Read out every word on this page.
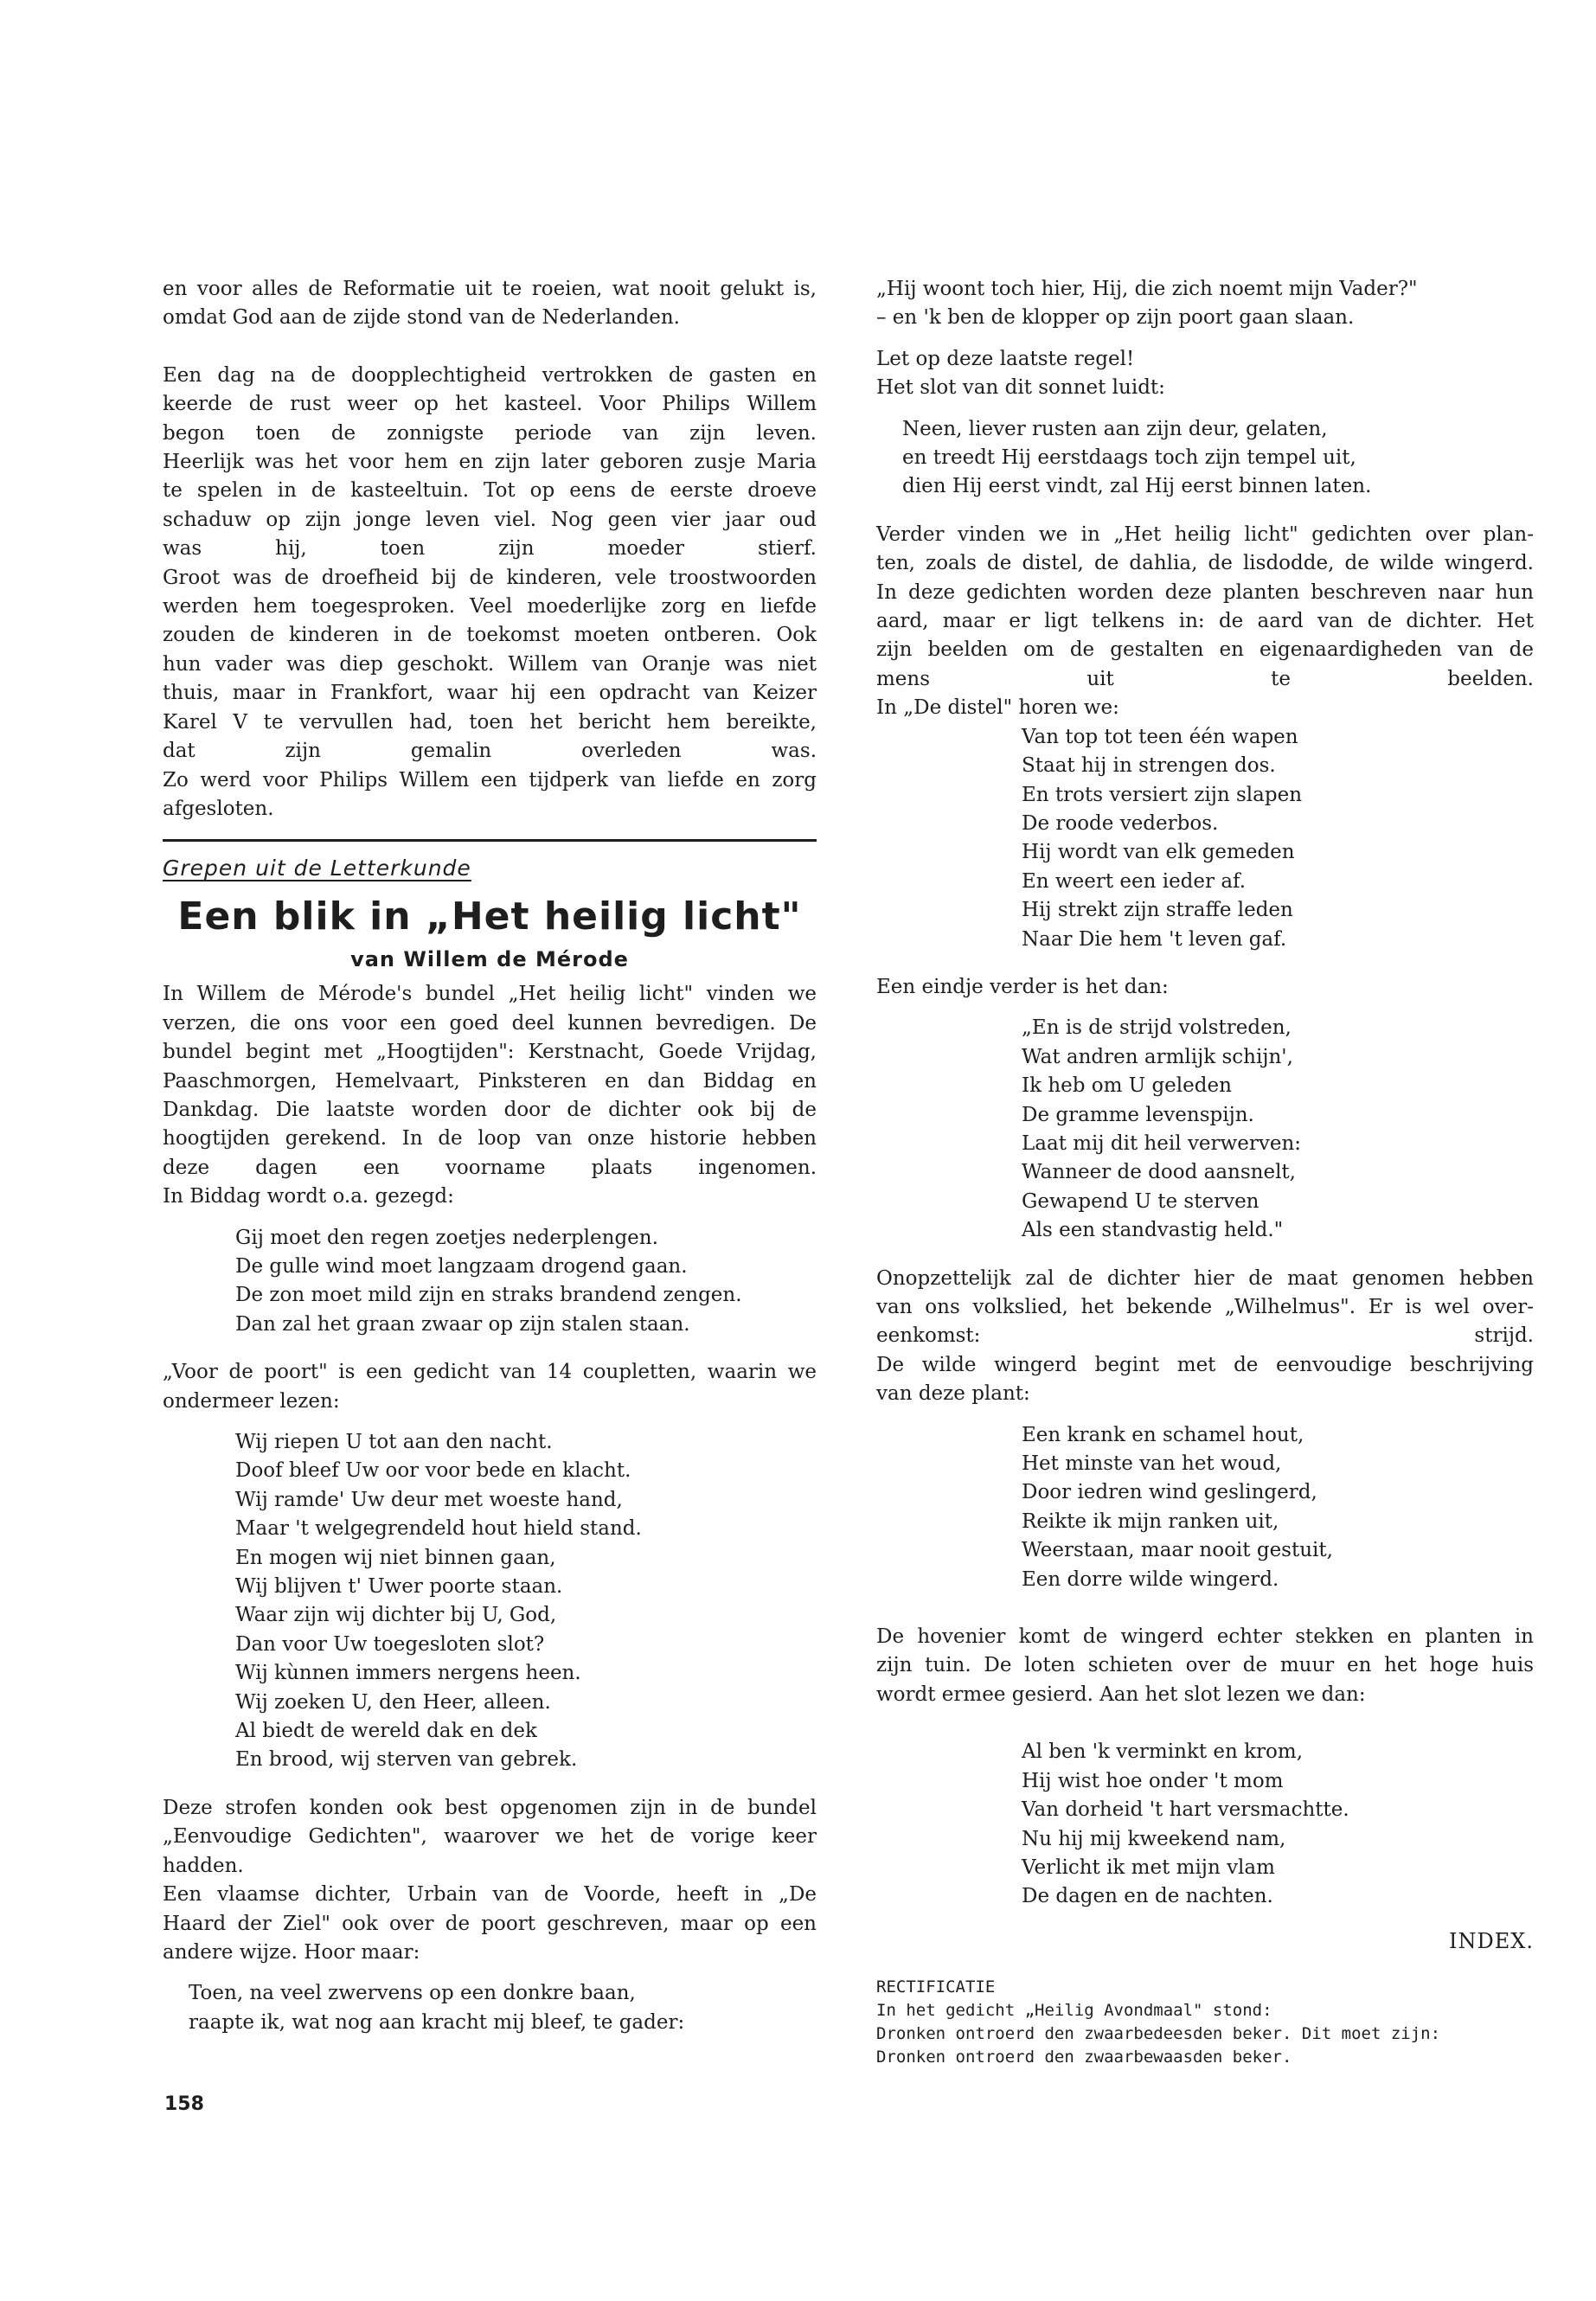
en voor alles de Reformatie uit te roeien, wat nooit gelukt is,
omdat God aan de zijde stond van de Nederlanden.

Een dag na de doopplechtigheid vertrokken de gasten en
keerde de rust weer op het kasteel. Voor Philips Willem
begon toen de zonnigste periode van zijn leven.
Heerlijk was het voor hem en zijn later geboren zusje Maria
te spelen in de kasteeltuin. Tot op eens de eerste droeve
schaduw op zijn jonge leven viel. Nog geen vier jaar oud
was hij, toen zijn moeder stierf.
Groot was de droefheid bij de kinderen, vele troostwoorden
werden hem toegesproken. Veel moederlijke zorg en liefde
zouden de kinderen in de toekomst moeten ontberen. Ook
hun vader was diep geschokt. Willem van Oranje was niet
thuis, maar in Frankfort, waar hij een opdracht van Keizer
Karel V te vervullen had, toen het bericht hem bereikte,
dat zijn gemalin overleden was.
Zo werd voor Philips Willem een tijdperk van liefde en zorg
afgesloten.

Grepen uit de Letterkunde
Een blik in „Het heilig licht"
van Willem de Mérode

In Willem de Mérode's bundel „Het heilig licht" vinden we
verzen, die ons voor een goed deel kunnen bevredigen. De
bundel begint met „Hoogtijden": Kerstnacht, Goede Vrijdag,
Paaschmorgen, Hemelvaart, Pinksteren en dan Biddag en
Dankdag. Die laatste worden door de dichter ook bij de
hoogtijden gerekend. In de loop van onze historie hebben
deze dagen een voorname plaats ingenomen.
In Biddag wordt o.a. gezegd:

Gij moet den regen zoetjes nederplengen.
De gulle wind moet langzaam drogend gaan.
De zon moet mild zijn en straks brandend zengen.
Dan zal het graan zwaar op zijn stalen staan.

„Voor de poort" is een gedicht van 14 coupletten, waarin we
ondermeer lezen:

Wij riepen U tot aan den nacht.
Doof bleef Uw oor voor bede en klacht.
Wij ramde' Uw deur met woeste hand,
Maar 't welgegrendeld hout hield stand.
En mogen wij niet binnen gaan,
Wij blijven t' Uwer poorte staan.
Waar zijn wij dichter bij U, God,
Dan voor Uw toegesloten slot?
Wij kùnnen immers nergens heen.
Wij zoeken U, den Heer, alleen.
Al biedt de wereld dak en dek
En brood, wij sterven van gebrek.

Deze strofen konden ook best opgenomen zijn in de bundel
„Eenvoudige Gedichten", waarover we het de vorige keer
hadden.
Een vlaamse dichter, Urbain van de Voorde, heeft in „De
Haard der Ziel" ook over de poort geschreven, maar op een
andere wijze. Hoor maar:

Toen, na veel zwervens op een donkre baan,
raapte ik, wat nog aan kracht mij bleef, te gader:
„Hij woont toch hier, Hij, die zich noemt mijn Vader?"
– en 'k ben de klopper op zijn poort gaan slaan.

Let op deze laatste regel!
Het slot van dit sonnet luidt:

Neen, liever rusten aan zijn deur, gelaten,
en treedt Hij eerstdaags toch zijn tempel uit,
dien Hij eerst vindt, zal Hij eerst binnen laten.

Verder vinden we in „Het heilig licht" gedichten over plan-
ten, zoals de distel, de dahlia, de lisdodde, de wilde wingerd.
In deze gedichten worden deze planten beschreven naar hun
aard, maar er ligt telkens in: de aard van de dichter. Het
zijn beelden om de gestalten en eigenaardigheden van de
mens uit te beelden.
In „De distel" horen we:

Van top tot teen één wapen
Staat hij in strengen dos.
En trots versiert zijn slapen
De roode vederbos.
Hij wordt van elk gemeden
En weert een ieder af.
Hij strekt zijn straffe leden
Naar Die hem 't leven gaf.

Een eindje verder is het dan:

„En is de strijd volstreden,
Wat andren armlijk schijn',
Ik heb om U geleden
De gramme levenspijn.
Laat mij dit heil verwerven:
Wanneer de dood aansnelt,
Gewapend U te sterven
Als een standvastig held."

Onopzettelijk zal de dichter hier de maat genomen hebben
van ons volkslied, het bekende „Wilhelmus". Er is wel over-
eenkomst: strijd.
De wilde wingerd begint met de eenvoudige beschrijving
van deze plant:

Een krank en schamel hout,
Het minste van het woud,
Door iedren wind geslingerd,
Reikte ik mijn ranken uit,
Weerstaan, maar nooit gestuit,
Een dorre wilde wingerd.

De hovenier komt de wingerd echter stekken en planten in
zijn tuin. De loten schieten over de muur en het hoge huis
wordt ermee gesierd. Aan het slot lezen we dan:

Al ben 'k verminkt en krom,
Hij wist hoe onder 't mom
Van dorheid 't hart versmachtte.
Nu hij mij kweekend nam,
Verlicht ik met mijn vlam
De dagen en de nachten.
INDEX.
RECTIFICATIE
In het gedicht „Heilig Avondmaal" stond:
Dronken ontroerd den zwaarbedeesden beker. Dit moet zijn:
Dronken ontroerd den zwaarbewaasden beker.
158
